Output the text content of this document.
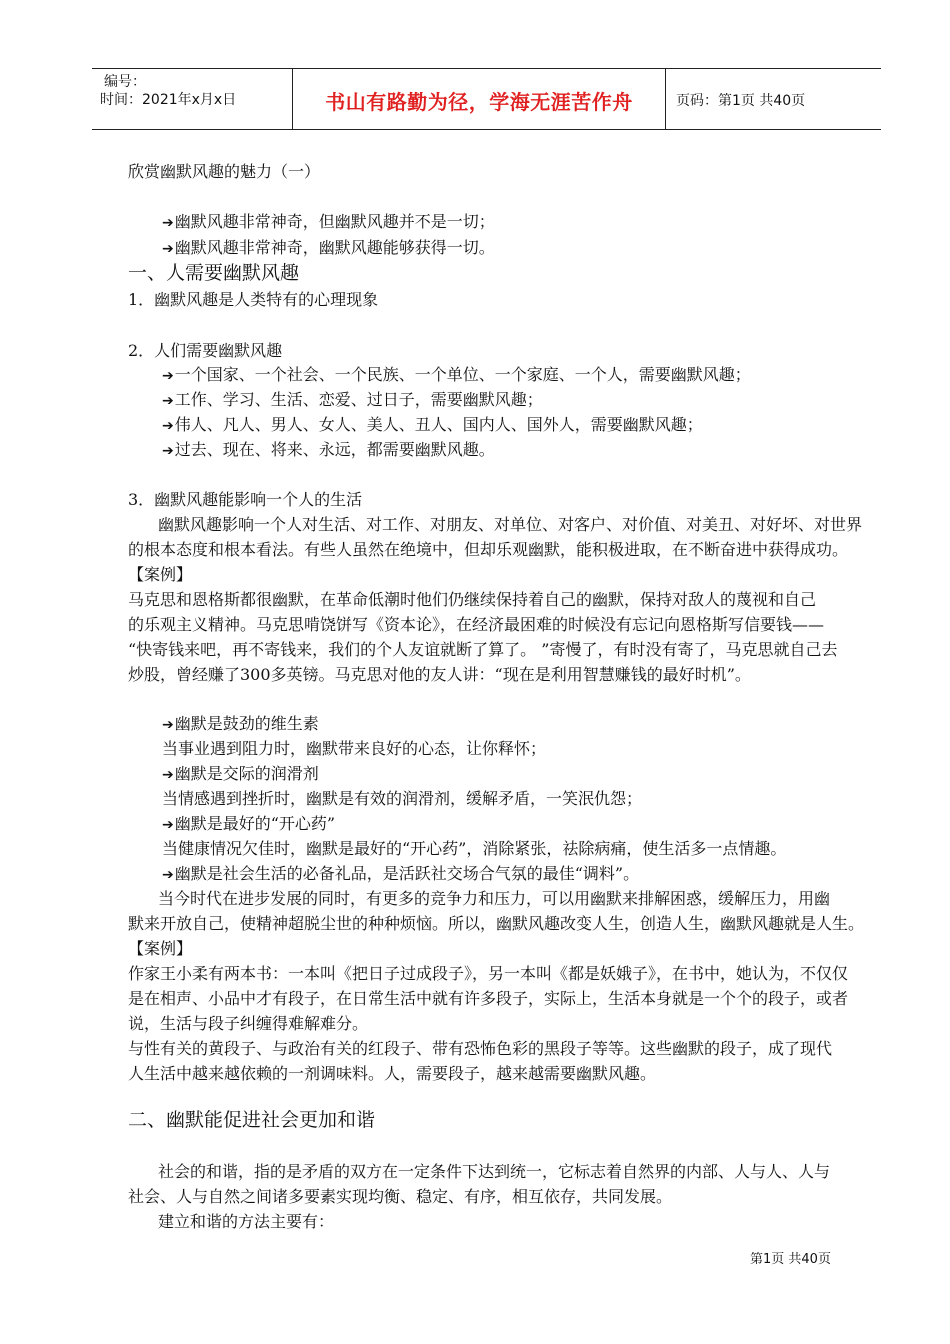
编号：
时间：2021年x月x日	书山有路勤为径，学海无涯苦作舟	页码：第1页 共40页
欣赏幽默风趣的魅力（一）
➔幽默风趣非常神奇，但幽默风趣并不是一切；
➔幽默风趣非常神奇，幽默风趣能够获得一切。
一、人需要幽默风趣
1．幽默风趣是人类特有的心理现象
2．人们需要幽默风趣
➔一个国家、一个社会、一个民族、一个单位、一个家庭、一个人，需要幽默风趣；
➔工作、学习、生活、恋爱、过日子，需要幽默风趣；
➔伟人、凡人、男人、女人、美人、丑人、国内人、国外人，需要幽默风趣；
➔过去、现在、将来、永远，都需要幽默风趣。
3．幽默风趣能影响一个人的生活
幽默风趣影响一个人对生活、对工作、对朋友、对单位、对客户、对价值、对美丑、对好坏、对世界
的根本态度和根本看法。有些人虽然在绝境中，但却乐观幽默，能积极进取，在不断奋进中获得成功。
【案例】
马克思和恩格斯都很幽默，在革命低潮时他们仍继续保持着自己的幽默，保持对敌人的蔑视和自己
的乐观主义精神。马克思啃饶饼写《资本论》，在经济最困难的时候没有忘记向恩格斯写信要钱——
“快寄钱来吧，再不寄钱来，我们的个人友谊就断了算了。 ”寄慢了，有时没有寄了，马克思就自己去
炒股，曾经赚了300多英镑。马克思对他的友人讲：“现在是利用智慧赚钱的最好时机”。
➔幽默是鼓劲的维生素
当事业遇到阻力时，幽默带来良好的心态，让你释怀；
➔幽默是交际的润滑剂
当情感遇到挫折时，幽默是有效的润滑剂，缓解矛盾，一笑泯仇怨；
➔幽默是最好的“开心药”
当健康情况欠佳时，幽默是最好的“开心药”，消除紧张，祛除病痛，使生活多一点情趣。
➔幽默是社会生活的必备礼品，是活跃社交场合气氛的最佳“调料”。
当今时代在进步发展的同时，有更多的竞争力和压力，可以用幽默来排解困惑，缓解压力，用幽
默来开放自己，使精神超脱尘世的种种烦恼。所以，幽默风趣改变人生，创造人生，幽默风趣就是人生。
【案例】
作家王小柔有两本书：一本叫《把日子过成段子》，另一本叫《都是妖娥子》，在书中，她认为，不仅仅
是在相声、小品中才有段子，在日常生活中就有许多段子，实际上，生活本身就是一个个的段子，或者
说，生活与段子纠缠得难解难分。
与性有关的黄段子、与政治有关的红段子、带有恐怖色彩的黑段子等等。这些幽默的段子，成了现代
人生活中越来越依赖的一剂调味料。人，需要段子，越来越需要幽默风趣。
二、幽默能促进社会更加和谐
社会的和谐，指的是矛盾的双方在一定条件下达到统一，它标志着自然界的内部、人与人、人与
社会、人与自然之间诸多要素实现均衡、稳定、有序，相互依存，共同发展。
建立和谐的方法主要有：
第1页 共40页
